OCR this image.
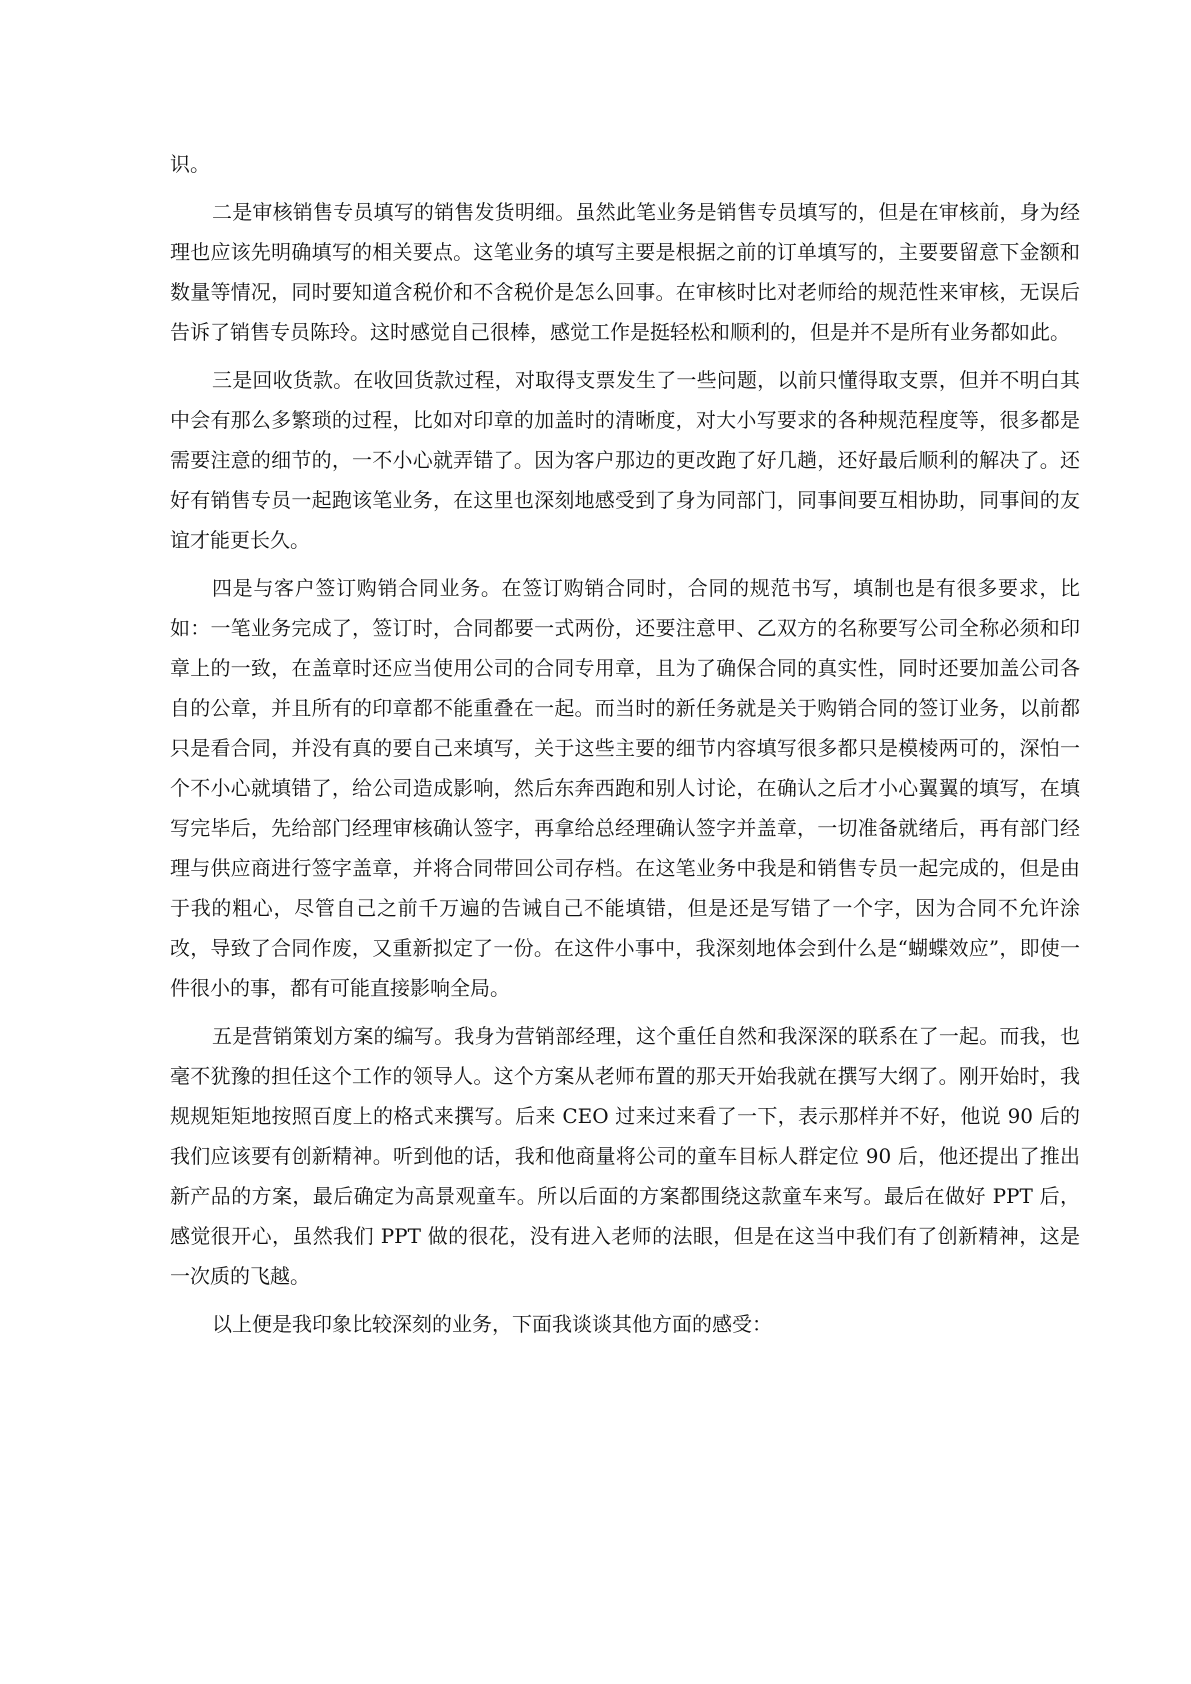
识。

二是审核销售专员填写的销售发货明细。虽然此笔业务是销售专员填写的，但是在审核前，身为经理也应该先明确填写的相关要点。这笔业务的填写主要是根据之前的订单填写的，主要要留意下金额和数量等情况，同时要知道含税价和不含税价是怎么回事。在审核时比对老师给的规范性来审核，无误后告诉了销售专员陈玲。这时感觉自己很棒，感觉工作是挺轻松和顺利的，但是并不是所有业务都如此。

三是回收货款。在收回货款过程，对取得支票发生了一些问题，以前只懂得取支票，但并不明白其中会有那么多繁琐的过程，比如对印章的加盖时的清晰度，对大小写要求的各种规范程度等，很多都是需要注意的细节的，一不小心就弄错了。因为客户那边的更改跑了好几趟，还好最后顺利的解决了。还好有销售专员一起跑该笔业务，在这里也深刻地感受到了身为同部门，同事间要互相协助，同事间的友谊才能更长久。

四是与客户签订购销合同业务。在签订购销合同时，合同的规范书写，填制也是有很多要求，比如：一笔业务完成了，签订时，合同都要一式两份，还要注意甲、乙双方的名称要写公司全称必须和印章上的一致，在盖章时还应当使用公司的合同专用章，且为了确保合同的真实性，同时还要加盖公司各自的公章，并且所有的印章都不能重叠在一起。而当时的新任务就是关于购销合同的签订业务，以前都只是看合同，并没有真的要自己来填写，关于这些主要的细节内容填写很多都只是模棱两可的，深怕一个不小心就填错了，给公司造成影响，然后东奔西跑和别人讨论，在确认之后才小心翼翼的填写，在填写完毕后，先给部门经理审核确认签字，再拿给总经理确认签字并盖章，一切准备就绪后，再有部门经理与供应商进行签字盖章，并将合同带回公司存档。在这笔业务中我是和销售专员一起完成的，但是由于我的粗心，尽管自己之前千万遍的告诫自己不能填错，但是还是写错了一个字，因为合同不允许涂改，导致了合同作废，又重新拟定了一份。在这件小事中，我深刻地体会到什么是“蝴蝶效应”，即使一件很小的事，都有可能直接影响全局。

五是营销策划方案的编写。我身为营销部经理，这个重任自然和我深深的联系在了一起。而我，也毫不犹豫的担任这个工作的领导人。这个方案从老师布置的那天开始我就在撰写大纲了。刚开始时，我规规矩矩地按照百度上的格式来撰写。后来 CEO 过来过来看了一下，表示那样并不好，他说 90 后的我们应该要有创新精神。听到他的话，我和他商量将公司的童车目标人群定位 90 后，他还提出了推出新产品的方案，最后确定为高景观童车。所以后面的方案都围绕这款童车来写。最后在做好 PPT 后，感觉很开心，虽然我们 PPT 做的很花，没有进入老师的法眼，但是在这当中我们有了创新精神，这是一次质的飞越。

以上便是我印象比较深刻的业务，下面我谈谈其他方面的感受：
